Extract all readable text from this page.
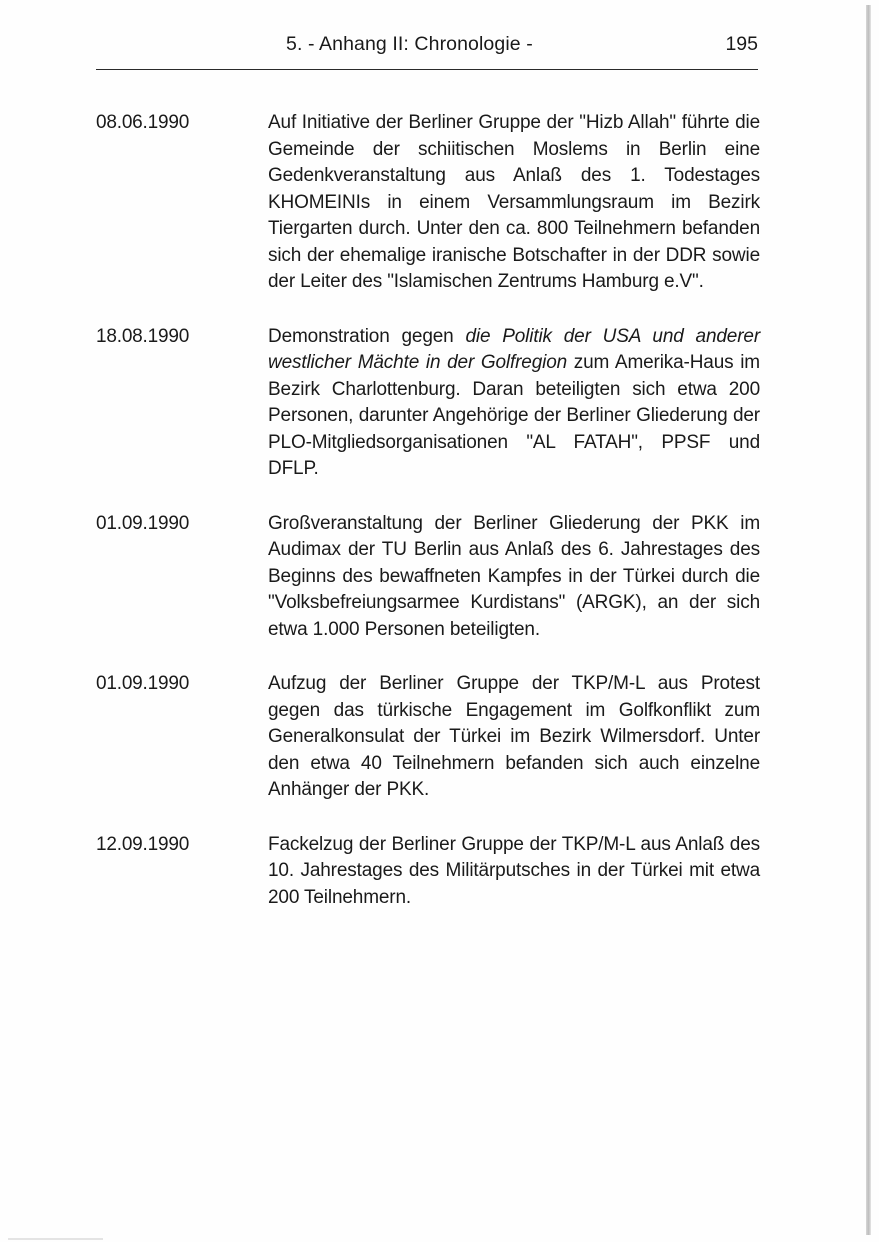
5. - Anhang II: Chronologie -	195
08.06.1990	Auf Initiative der Berliner Gruppe der "Hizb Allah" führte die Gemeinde der schiitischen Moslems in Berlin eine Gedenkveranstaltung aus Anlaß des 1. Todestages KHOMEINIs in einem Versammlungsraum im Bezirk Tiergarten durch. Unter den ca. 800 Teilnehmern befanden sich der ehemalige iranische Botschafter in der DDR sowie der Leiter des "Islamischen Zentrums Hamburg e.V".
18.08.1990	Demonstration gegen die Politik der USA und anderer westlicher Mächte in der Golfregion zum Amerika-Haus im Bezirk Charlottenburg. Daran beteiligten sich etwa 200 Personen, darunter Angehörige der Berliner Gliederung der PLO-Mitgliedsorganisationen "AL FATAH", PPSF und DFLP.
01.09.1990	Großveranstaltung der Berliner Gliederung der PKK im Audimax der TU Berlin aus Anlaß des 6. Jahrestages des Beginns des bewaffneten Kampfes in der Türkei durch die "Volksbefreiungsarmee Kurdistans" (ARGK), an der sich etwa 1.000 Personen beteiligten.
01.09.1990	Aufzug der Berliner Gruppe der TKP/M-L aus Protest gegen das türkische Engagement im Golfkonflikt zum Generalkonsulat der Türkei im Bezirk Wilmersdorf. Unter den etwa 40 Teilnehmern befanden sich auch einzelne Anhänger der PKK.
12.09.1990	Fackelzug der Berliner Gruppe der TKP/M-L aus Anlaß des 10. Jahrestages des Militärputsches in der Türkei mit etwa 200 Teilnehmern.
